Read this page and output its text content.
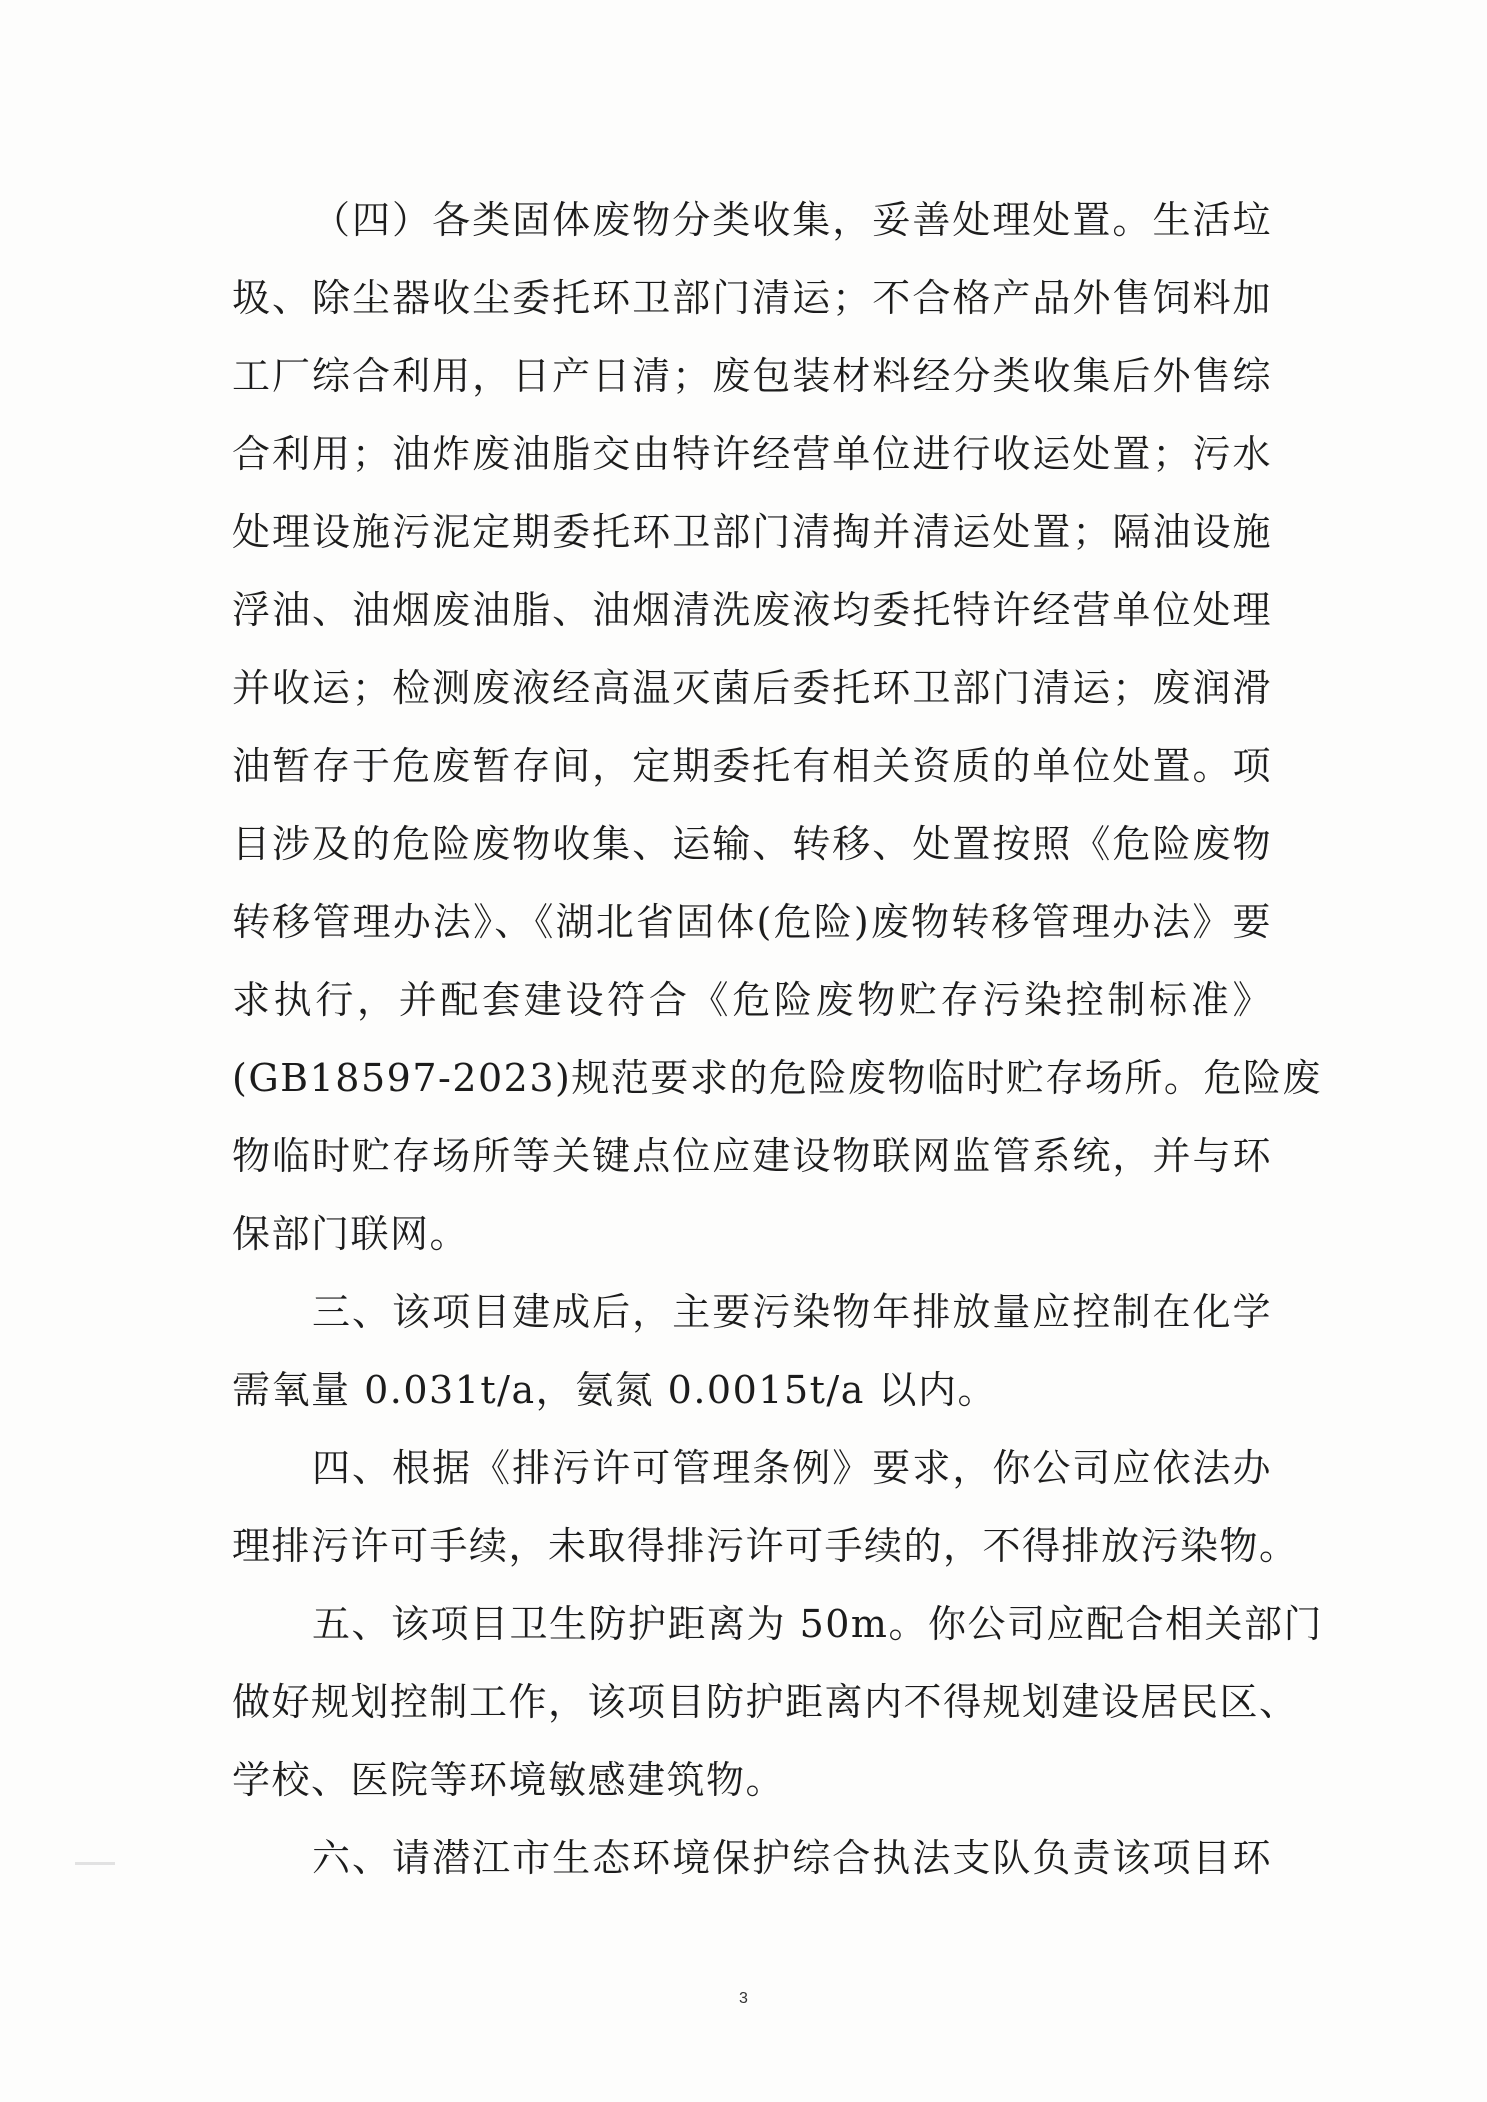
（四）各类固体废物分类收集，妥善处理处置。生活垃
圾、除尘器收尘委托环卫部门清运；不合格产品外售饲料加
工厂综合利用，日产日清；废包装材料经分类收集后外售综
合利用；油炸废油脂交由特许经营单位进行收运处置；污水
处理设施污泥定期委托环卫部门清掏并清运处置；隔油设施
浮油、油烟废油脂、油烟清洗废液均委托特许经营单位处理
并收运；检测废液经高温灭菌后委托环卫部门清运；废润滑
油暂存于危废暂存间，定期委托有相关资质的单位处置。项
目涉及的危险废物收集、运输、转移、处置按照《危险废物
转移管理办法》、《湖北省固体(危险)废物转移管理办法》要
求执行，并配套建设符合《危险废物贮存污染控制标准》
(GB18597-2023)规范要求的危险废物临时贮存场所。危险废
物临时贮存场所等关键点位应建设物联网监管系统，并与环
保部门联网。
三、该项目建成后，主要污染物年排放量应控制在化学
需氧量 0.031t/a，氨氮 0.0015t/a 以内。
四、根据《排污许可管理条例》要求，你公司应依法办
理排污许可手续，未取得排污许可手续的，不得排放污染物。
五、该项目卫生防护距离为 50m。你公司应配合相关部门
做好规划控制工作，该项目防护距离内不得规划建设居民区、
学校、医院等环境敏感建筑物。
六、请潜江市生态环境保护综合执法支队负责该项目环
3
